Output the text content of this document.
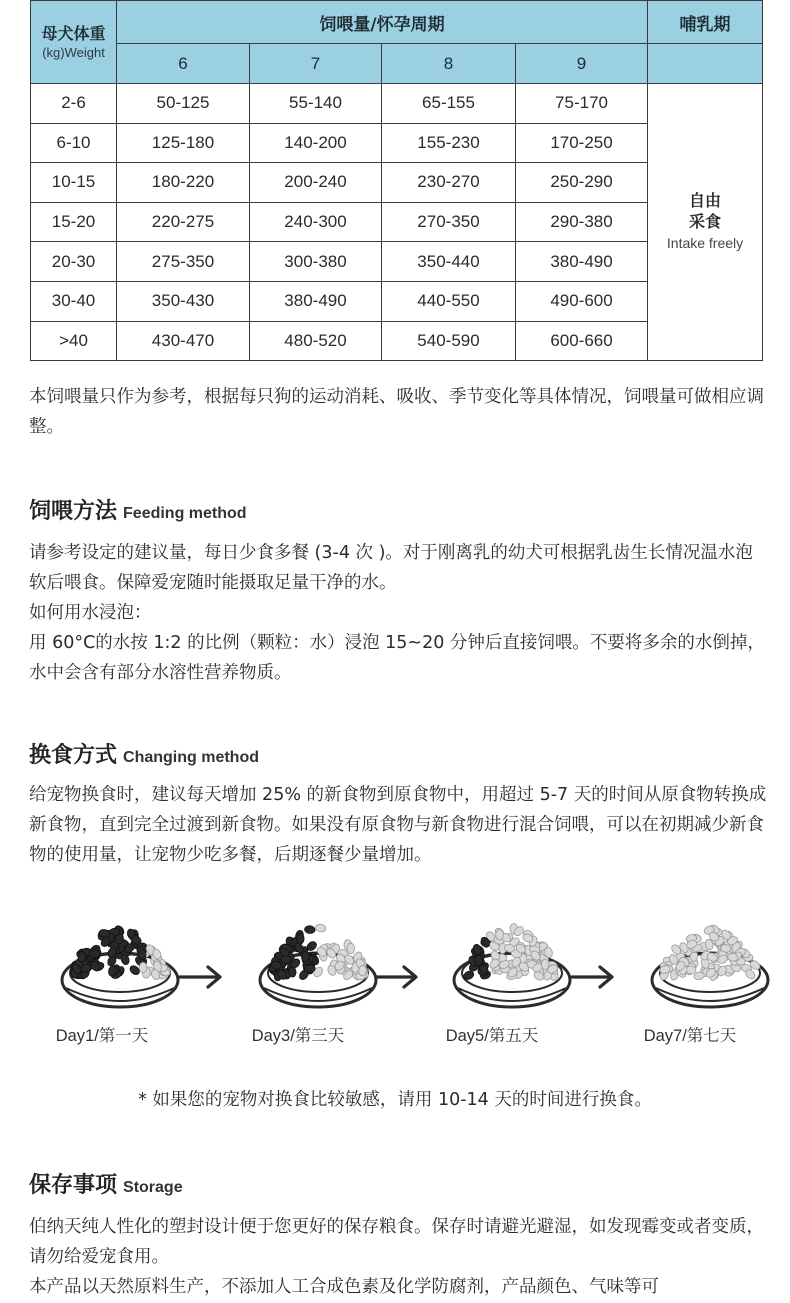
母犬体重
(kg)Weight	饲喂量/怀孕周期				哺乳期
	6	7	8	9	
2-6	50-125	55-140	65-155	75-170	自由
采食
Intake freely

6-10	125-180	140-200	155-230	170-250	
10-15	180-220	200-240	230-270	250-290	
15-20	220-275	240-300	270-350	290-380	
20-30	275-350	300-380	350-440	380-490	
30-40	350-430	380-490	440-550	490-600	
>40	430-470	480-520	540-590	600-660	

本饲喂量只作为参考，根据每只狗的运动消耗、吸收、季节变化等具体情况，饲喂量可做相应调整。

饲喂方法 Feeding method

请参考设定的建议量，每日少食多餐 (3-4 次 )。对于刚离乳的幼犬可根据乳齿生长情况温水泡软后喂食。保障爱宠随时能摄取足量干净的水。

如何用水浸泡：

用 60°C的水按 1:2 的比例（颗粒：水）浸泡 15~20 分钟后直接饲喂。不要将多余的水倒掉，水中会含有部分水溶性营养物质。

换食方式 Changing method

给宠物换食时，建议每天增加 25% 的新食物到原食物中，用超过 5-7 天的时间从原食物转换成新食物，直到完全过渡到新食物。如果没有原食物与新食物进行混合饲喂，可以在初期减少新食物的使用量，让宠物少吃多餐，后期逐餐少量增加。

Day1/第一天	Day3/第三天	Day5/第五天	Day7/第七天
* 如果您的宠物对换食比较敏感，请用 10-14 天的时间进行换食。
保存事项 Storage

伯纳天纯人性化的塑封设计便于您更好的保存粮食。保存时请避光避湿，如发现霉变或者变质，请勿给爱宠食用。

本产品以天然原料生产，不添加人工合成色素及化学防腐剂，产品颜色、气味等可
